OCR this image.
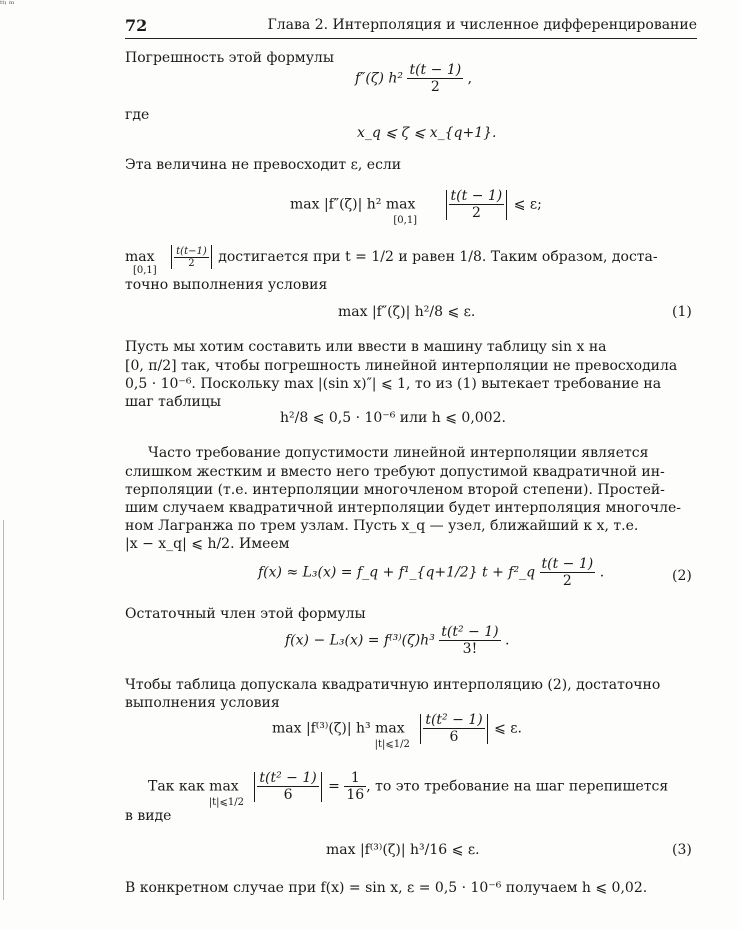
ᵗᵗᵎ ᵐ
72	Глава 2. Интерполяция и численное дифференцирование
Погрешность этой формулы
f″(ζ) $h^2 \frac{t(t - 1)}{2}$ ,
где
x_q ⩽ ζ ⩽ x_{q+1}.
Эта величина не превосходит ε, если
max |f″(ζ)| h² $\max_{[0,1]} \frac{t(t - 1)}{2}$ ⩽ ε;
max $_{[0,1]}$
$\frac{t(t-1)}{2}$ достигается при t = 1/2 и равен 1/8. Таким образом, доста-
точно выполнения условия
max |f″(ζ)| h²/8 ⩽ ε.	(1)
Пусть мы хотим составить или ввести в машину таблицу sin x на
[0, π/2] так, чтобы погрешность линейной интерполяции не превосходила
0,5 · 10⁻⁶. Поскольку max |(sin x)″| ⩽ 1, то из (1) вытекает требование на
шаг таблицы
h²/8 ⩽ 0,5 · 10⁻⁶ или h ⩽ 0,002.
Часто требование допустимости линейной интерполяции является
слишком жестким и вместо него требуют допустимой квадратичной ин-
терполяции (т.е. интерполяции многочленом второй степени). Простей-
шим случаем квадратичной интерполяции будет интерполяция многочле-
ном Лагранжа по трем узлам. Пусть x_q — узел, ближайший к x, т.е.
|x − x_q| ⩽ h/2. Имеем
f(x) ≈ L₃(x) = f_q + f¹_{q+1/2} t + f²_q $\frac{t(t - 1)}{2}$ .	(2)
Остаточный член этой формулы
$f(x) - L_3(x) = f^{(3)}(\zeta)h^3 \frac{\text{t(t² − 1)}}{3!}$ .
Чтобы таблица допускала квадратичную интерполяцию (2), достаточно
выполнения условия
max |f⁽³⁾(ζ)| h³ $\max_{|t|⩽1/2} \frac{\text{t(t² − 1)}}{6}$ ⩽ ε.
Так как $\max_{|t|⩽1/2} \frac{\text{t(t² − 1)}}{6} = \frac{1}{16}$ , то это требование на шаг перепишется
в виде
max |f⁽³⁾(ζ)| h³/16 ⩽ ε.	(3)
В конкретном случае при f(x) = sin x, ε = 0,5 · 10⁻⁶ получаем h ⩽ 0,02.
